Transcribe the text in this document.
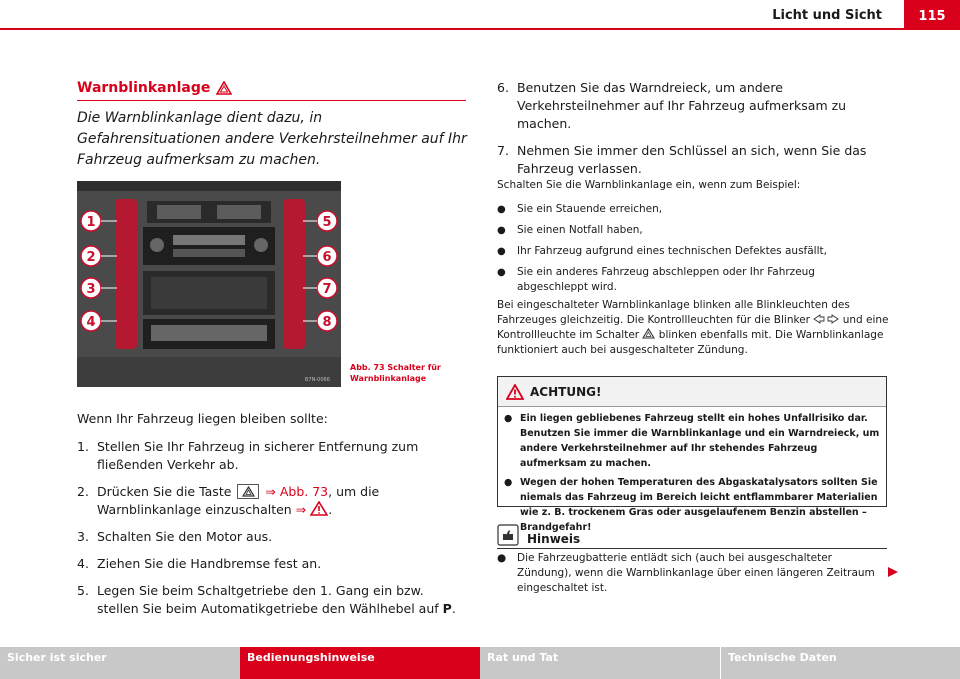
Licht und Sicht	115
Warnblinkanlage
Die Warnblinkanlage dient dazu, in Gefahrensituationen andere Verkehrsteilnehmer auf Ihr Fahrzeug aufmerksam zu machen.
1
2
3
4
5
6
7
8
B7N-0066
Abb. 73 Schalter für
Warnblinkanlage
Wenn Ihr Fahrzeug liegen bleiben sollte:
1. Stellen Sie Ihr Fahrzeug in sicherer Entfernung zum fließenden Verkehr ab.
2. Drücken Sie die Taste	⇒ Abb. 73, um die Warnblinkanlage einzuschalten ⇒ .
3. Schalten Sie den Motor aus.
4. Ziehen Sie die Handbremse fest an.
5. Legen Sie beim Schaltgetriebe den 1. Gang ein bzw. stellen Sie beim Automatikgetriebe den Wählhebel auf P.
6. Benutzen Sie das Warndreieck, um andere Verkehrsteilnehmer auf Ihr Fahrzeug aufmerksam zu machen.
7. Nehmen Sie immer den Schlüssel an sich, wenn Sie das Fahrzeug verlassen.
Schalten Sie die Warnblinkanlage ein, wenn zum Beispiel:
●	Sie ein Stauende erreichen,
●	Sie einen Notfall haben,
●	Ihr Fahrzeug aufgrund eines technischen Defektes ausfällt,
●	Sie ein anderes Fahrzeug abschleppen oder Ihr Fahrzeug abgeschleppt wird.
Bei eingeschalteter Warnblinkanlage blinken alle Blinkleuchten des Fahrzeuges gleichzeitig. Die Kontrollleuchten für die Blinker	und eine Kontrollleuchte im Schalter blinken ebenfalls mit. Die Warnblinkanlage funktioniert auch bei ausgeschalteter Zündung.
ACHTUNG!
● Ein liegen gebliebenes Fahrzeug stellt ein hohes Unfallrisiko dar. Benutzen Sie immer die Warnblinkanlage und ein Warndreieck, um andere Verkehrsteilnehmer auf Ihr stehendes Fahrzeug aufmerksam zu machen.
● Wegen der hohen Temperaturen des Abgaskatalysators sollten Sie niemals das Fahrzeug im Bereich leicht entflammbarer Materialien wie z. B. trockenem Gras oder ausgelaufenem Benzin abstellen – Brandgefahr!
Hinweis
●	Die Fahrzeugbatterie entlädt sich (auch bei ausgeschalteter Zündung), wenn die Warnblinkanlage über einen längeren Zeitraum eingeschaltet ist.
Sicher ist sicher	Bedienungshinweise	Rat und Tat	Technische Daten
